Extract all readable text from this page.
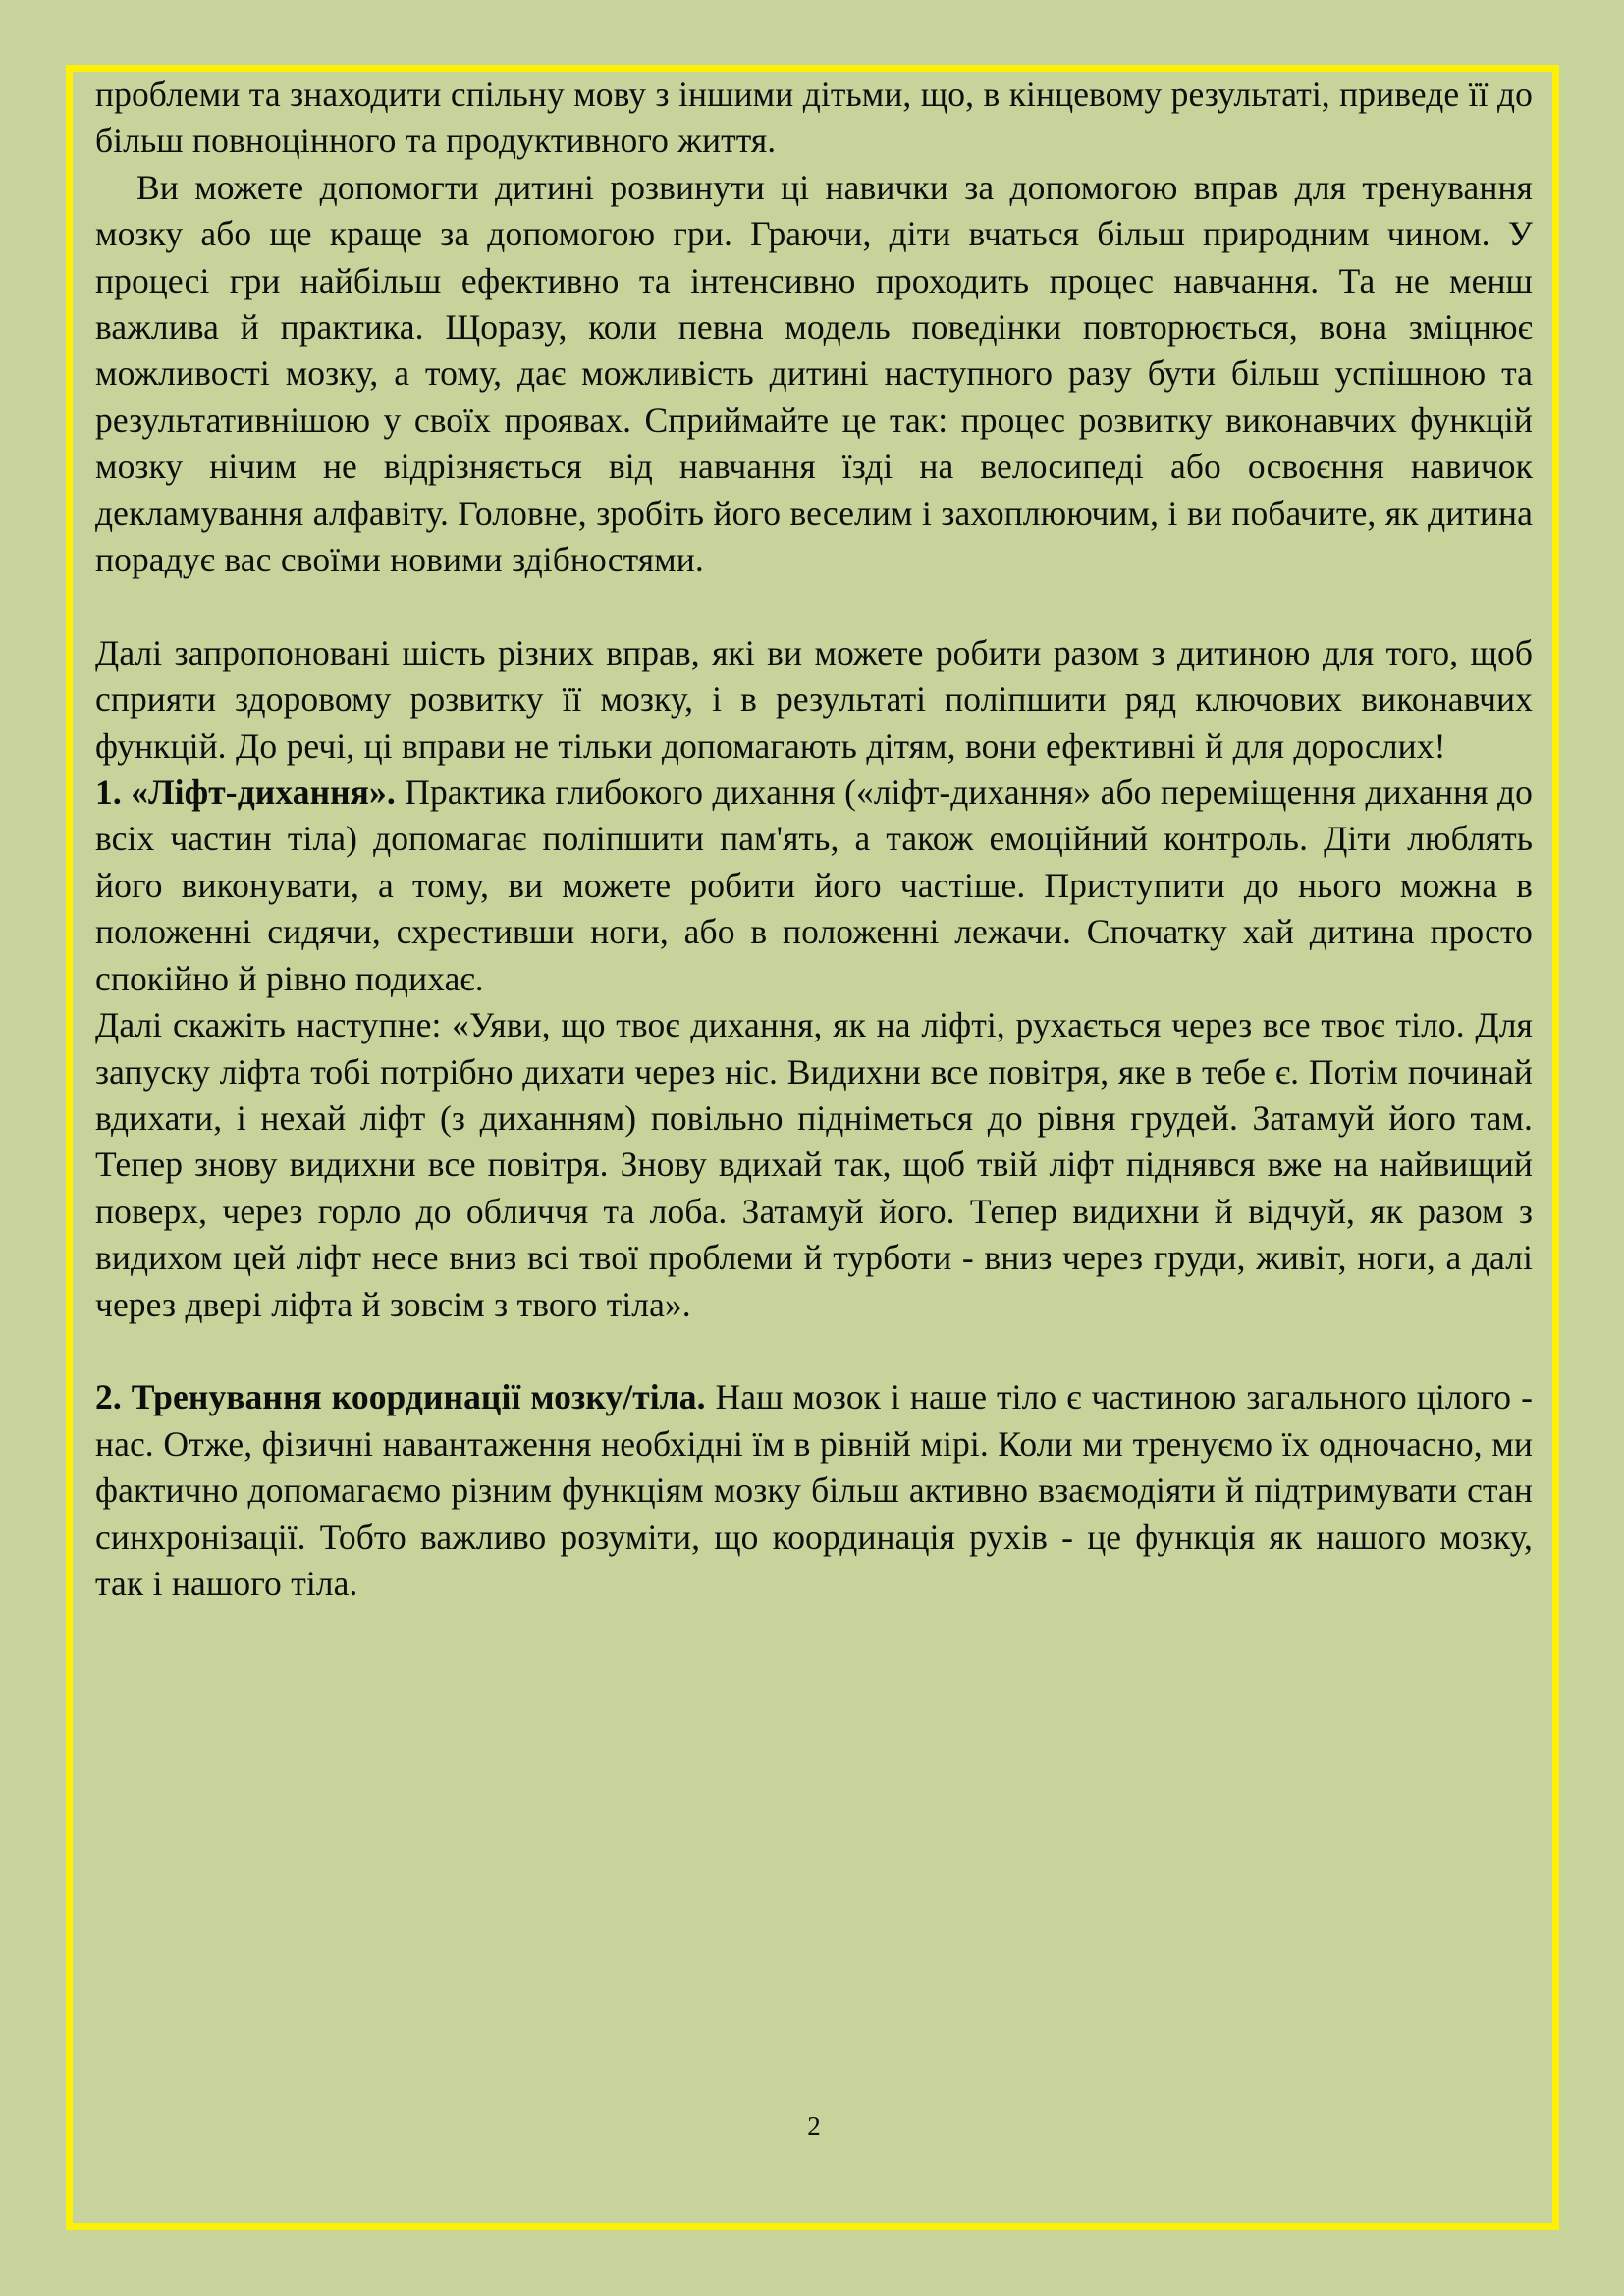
проблеми та знаходити спільну мову з іншими дітьми, що, в кінцевому результаті, приведе її до більш повноцінного та продуктивного життя.

Ви можете допомогти дитині розвинути ці навички за допомогою вправ для тренування мозку або ще краще за допомогою гри. Граючи, діти вчаться більш природним чином. У процесі гри найбільш ефективно та інтенсивно проходить процес навчання. Та не менш важлива й практика. Щоразу, коли певна модель поведінки повторюється, вона зміцнює можливості мозку, а тому, дає можливість дитині наступного разу бути більш успішною та результативнішою у своїх проявах. Сприймайте це так: процес розвитку виконавчих функцій мозку нічим не відрізняється від навчання їзді на велосипеді або освоєння навичок декламування алфавіту. Головне, зробіть його веселим і захоплюючим, і ви побачите, як дитина порадує вас своїми новими здібностями.

Далі запропоновані шість різних вправ, які ви можете робити разом з дитиною для того, щоб сприяти здоровому розвитку її мозку, і в результаті поліпшити ряд ключових виконавчих функцій. До речі, ці вправи не тільки допомагають дітям, вони ефективні й для дорослих!

1. «Ліфт-дихання». Практика глибокого дихання («ліфт-дихання» або переміщення дихання до всіх частин тіла) допомагає поліпшити пам'ять, а також емоційний контроль. Діти люблять його виконувати, а тому, ви можете робити його частіше. Приступити до нього можна в положенні сидячи, схрестивши ноги, або в положенні лежачи. Спочатку хай дитина просто спокійно й рівно подихає.

Далі скажіть наступне: «Уяви, що твоє дихання, як на ліфті, рухається через все твоє тіло. Для запуску ліфта тобі потрібно дихати через ніс. Видихни все повітря, яке в тебе є. Потім починай вдихати, і нехай ліфт (з диханням) повільно підніметься до рівня грудей. Затамуй його там. Тепер знову видихни все повітря. Знову вдихай так, щоб твій ліфт піднявся вже на найвищий поверх, через горло до обличчя та лоба. Затамуй його. Тепер видихни й відчуй, як разом з видихом цей ліфт несе вниз всі твої проблеми й турботи - вниз через груди, живіт, ноги, а далі через двері ліфта й зовсім з твого тіла».

2. Тренування координації мозку/тіла. Наш мозок і наше тіло є частиною загального цілого - нас. Отже, фізичні навантаження необхідні їм в рівній мірі. Коли ми тренуємо їх одночасно, ми фактично допомагаємо різним функціям мозку більш активно взаємодіяти й підтримувати стан синхронізації. Тобто важливо розуміти, що координація рухів - це функція як нашого мозку, так і нашого тіла.

2
